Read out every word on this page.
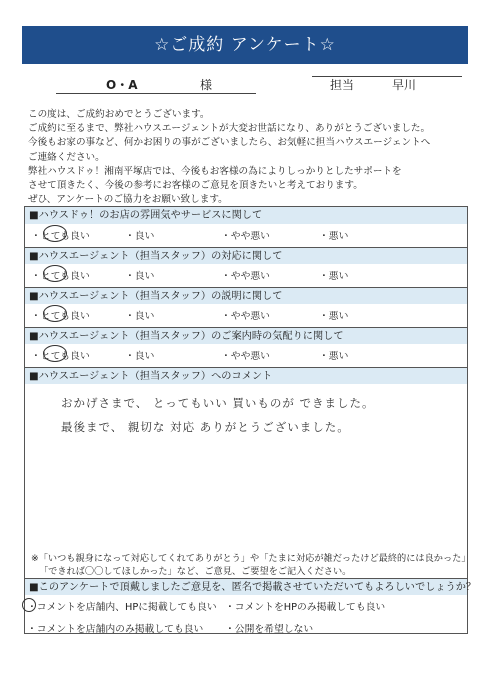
☆ご成約 アンケート☆
O・A	様	担当	早川
この度は、ご成約おめでとうございます。
ご成約に至るまで、弊社ハウスエージェントが大変お世話になり、ありがとうございました。
今後もお家の事など、何かお困りの事がございましたら、お気軽に担当ハウスエージェントへ
ご連絡ください。
弊社ハウスドゥ！湘南平塚店では、今後もお客様の為によりしっかりとしたサポートを
させて頂きたく、今後の参考にお客様のご意見を頂きたいと考えております。
ぜひ、アンケートのご協力をお願い致します。
■ハウスドゥ！のお店の雰囲気やサービスに関して
・とても良い	・良い	・やや悪い	・悪い
■ハウスエージェント（担当スタッフ）の対応に関して
・とても良い	・良い	・やや悪い	・悪い
■ハウスエージェント（担当スタッフ）の説明に関して
・とても良い	・良い	・やや悪い	・悪い
■ハウスエージェント（担当スタッフ）のご案内時の気配りに関して
・とても良い	・良い	・やや悪い	・悪い
■ハウスエージェント（担当スタッフ）へのコメント
おかげさまで、 とってもいい 買いものが できました。
最後まで、 親切な 対応 ありがとうございました。
※「いつも親身になって対応してくれてありがとう」や「たまに対応が雑だったけど最終的には良かった」
「できれば〇〇してほしかった」など、ご意見、ご要望をご記入ください。
■このアンケートで頂戴しましたご意見を、匿名で掲載させていただいてもよろしいでしょうか？
・コメントを店舗内、HPに掲載しても良い ・コメントをHPのみ掲載しても良い
・コメントを店舗内のみ掲載しても良い ・公開を希望しない
